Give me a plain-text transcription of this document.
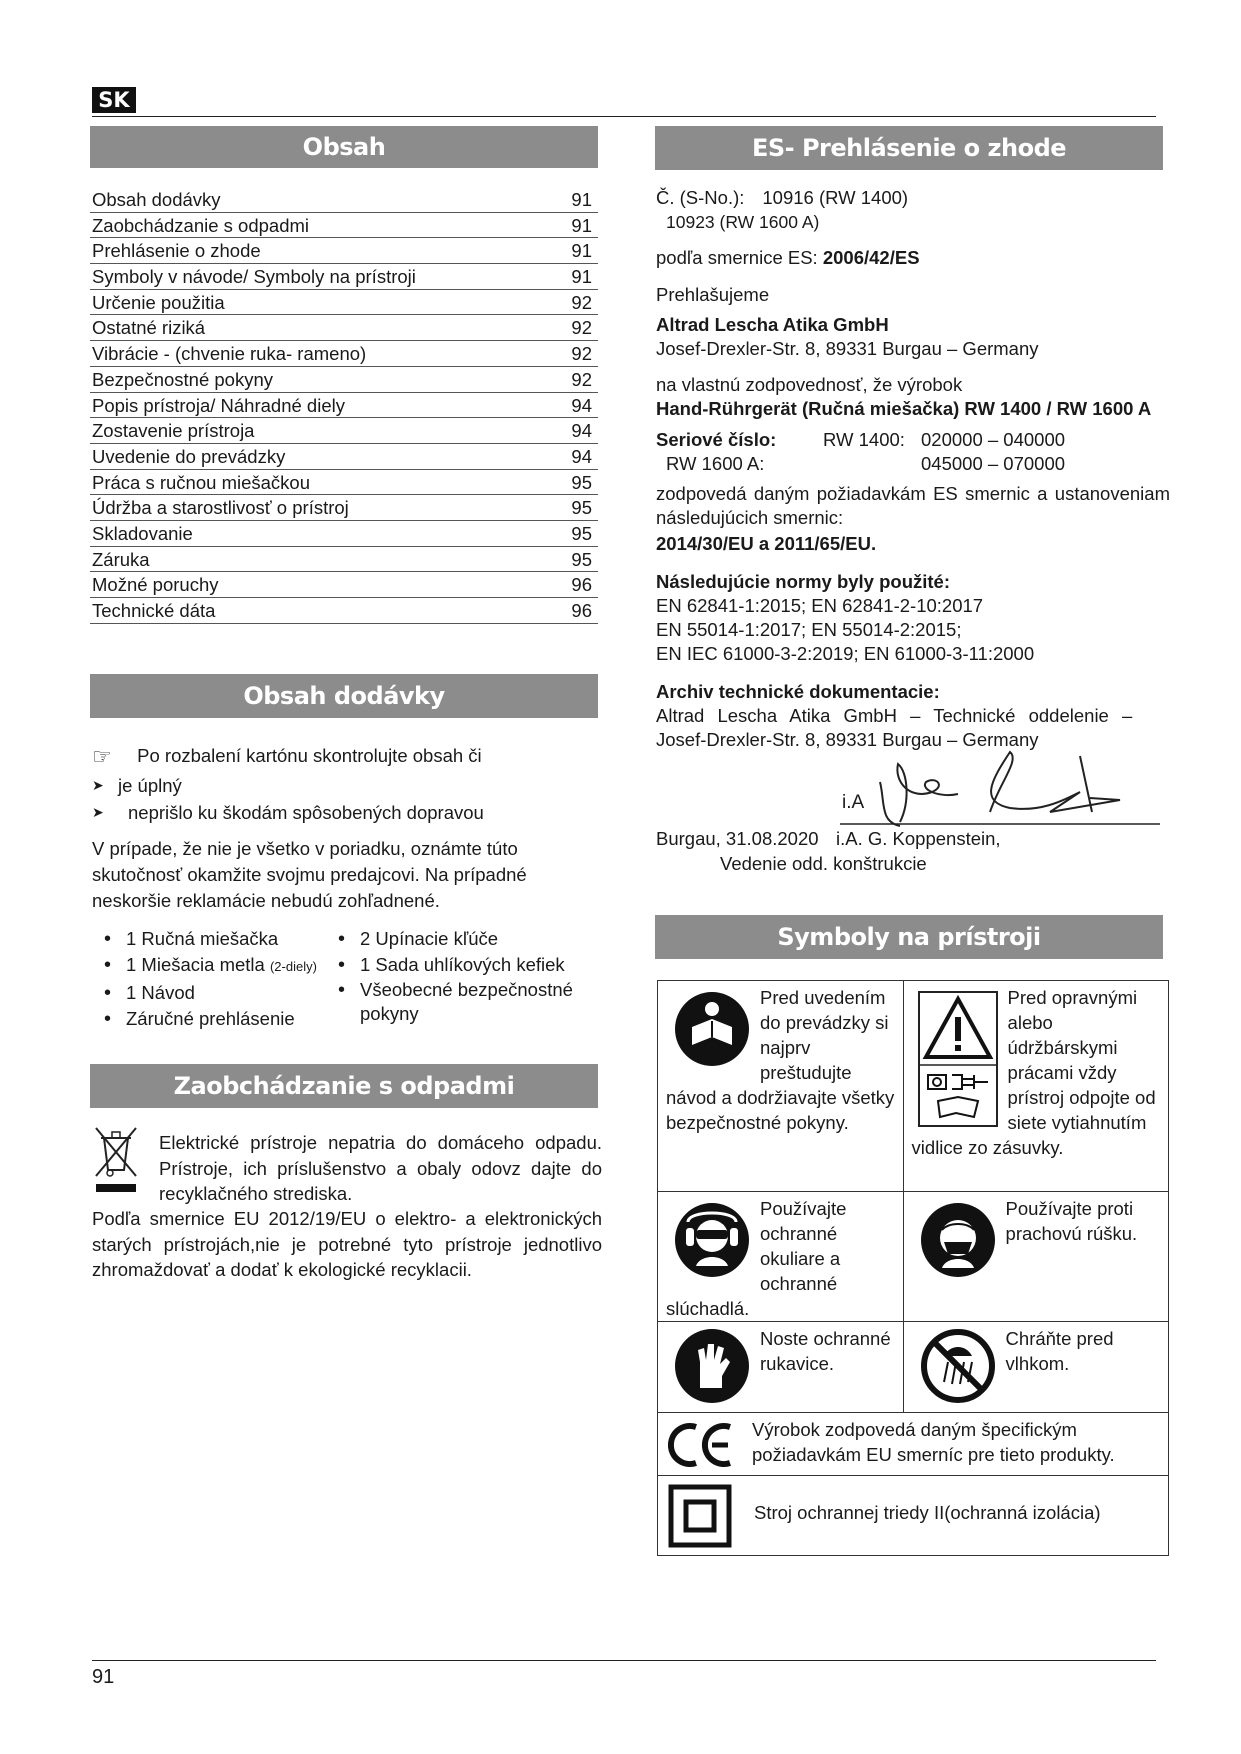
SK
Obsah
Obsah dodávky	91
Zaobchádzanie s odpadmi	91
Prehlásenie o zhode	91
Symboly v návode/ Symboly na prístroji	91
Určenie použitia	92
Ostatné riziká	92
Vibrácie - (chvenie ruka- rameno)	92
Bezpečnostné pokyny	92
Popis prístroja/ Náhradné diely	94
Zostavenie prístroja	94
Uvedenie do prevádzky	94
Práca s ručnou miešačkou	95
Údržba a starostlivosť o prístroj	95
Skladovanie	95
Záruka	95
Možné poruchy	96
Technické dáta	96
Obsah dodávky
☞ Po rozbalení kartónu skontrolujte obsah či
➤ je úplný
➤ neprišlo ku škodám spôsobených dopravou

V prípade, že nie je všetko v poriadku, oznámte túto skutočnosť okamžite svojmu predajcovi. Na prípadné neskoršie reklamácie nebudú zohľadnené.

• 1 Ručná miešačka
• 1 Miešacia metla (2-diely)
• 1 Návod
• Záručné prehlásenie
• 2 Upínacie kľúče
• 1 Sada uhlíkových kefiek
• Všeobecné bezpečnostné pokyny
Zaobchádzanie s odpadmi

Elektrické prístroje nepatria do domáceho odpadu. Prístroje, ich príslušenstvo a obaly odovz dajte do recyklačného strediska.

Podľa smernice EU 2012/19/EU o elektro- a elektronických starých prístrojách,nie je potrebné tyto prístroje jednotlivo zhromaždovať a dodať k ekologické recyklacii.

ES- Prehlásenie o zhode
Č. (S-No.): 10916 (RW 1400)
10923 (RW 1600 A)
podľa smernice ES: 2006/42/ES
Prehlašujeme
Altrad Lescha Atika GmbH
Josef-Drexler-Str. 8, 89331 Burgau – Germany
na vlastnú zodpovednosť, že výrobok
Hand-Rührgerät (Ručná miešačka) RW 1400 / RW 1600 A
Seriové číslo:	RW 1400: 020000 – 040000
RW 1600 A:	045000 – 070000

zodpovedá daným požiadavkám ES smernic a ustanoveniam následujúcich smernic:

2014/30/EU a 2011/65/EU.
Následujúcie normy byly použité:
EN 62841-1:2015; EN 62841-2-10:2017
EN 55014-1:2017; EN 55014-2:2015;
EN IEC 61000-3-2:2019; EN 61000-3-11:2000
Archiv technické dokumentacie:
Altrad Lescha Atika GmbH – Technické oddelenie –
Josef-Drexler-Str. 8, 89331 Burgau – Germany
i.A
Burgau, 31.08.2020 i.A. G. Koppenstein,
Vedenie odd. konštrukcie
Symboly na prístroji
Pred uvedením do prevádzky si najprv preštudujte návod a dodržiavajte všetky bezpečnostné pokyny.	Pred opravnými alebo údržbárskymi prácami vždy prístroj odpojte od siete vytiahnutím vidlice zo zásuvky.

Používajte ochranné okuliare a ochranné slúchadlá.	Používajte proti prachovú rúšku.

Noste ochranné rukavice.	Chráňte pred vlhkom.

Výrobok zodpovedá daným špecifickým požiadavkám EU smerníc pre tieto produkty.	

Stroj ochrannej triedy II(ochranná izolácia)	
91
